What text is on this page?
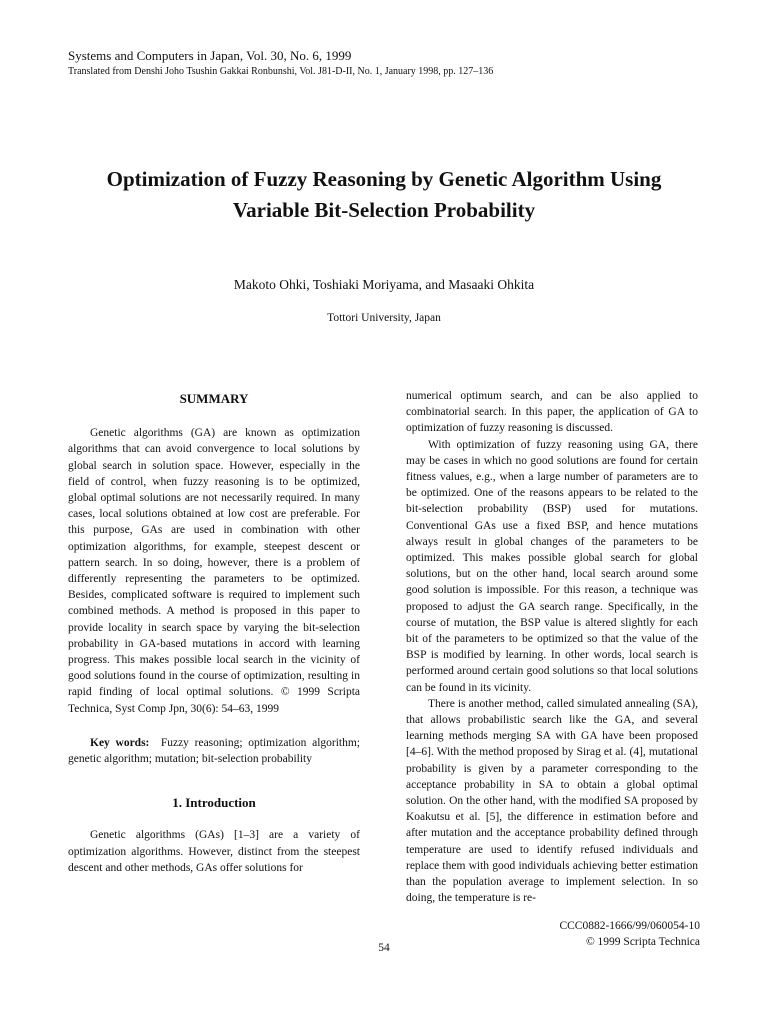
Systems and Computers in Japan, Vol. 30, No. 6, 1999
Translated from Denshi Joho Tsushin Gakkai Ronbunshi, Vol. J81-D-II, No. 1, January 1998, pp. 127–136
Optimization of Fuzzy Reasoning by Genetic Algorithm Using
Variable Bit-Selection Probability
Makoto Ohki, Toshiaki Moriyama, and Masaaki Ohkita
Tottori University, Japan
SUMMARY

Genetic algorithms (GA) are known as optimization algorithms that can avoid convergence to local solutions by global search in solution space. However, especially in the field of control, when fuzzy reasoning is to be optimized, global optimal solutions are not necessarily required. In many cases, local solutions obtained at low cost are preferable. For this purpose, GAs are used in combination with other optimization algorithms, for example, steepest descent or pattern search. In so doing, however, there is a problem of differently representing the parameters to be optimized. Besides, complicated software is required to implement such combined methods. A method is proposed in this paper to provide locality in search space by varying the bit-selection probability in GA-based mutations in accord with learning progress. This makes possible local search in the vicinity of good solutions found in the course of optimization, resulting in rapid finding of local optimal solutions. © 1999 Scripta Technica, Syst Comp Jpn, 30(6): 54–63, 1999

Key words: Fuzzy reasoning; optimization algorithm; genetic algorithm; mutation; bit-selection probability

1. Introduction

Genetic algorithms (GAs) [1–3] are a variety of optimization algorithms. However, distinct from the steepest descent and other methods, GAs offer solutions for

numerical optimum search, and can be also applied to combinatorial search. In this paper, the application of GA to optimization of fuzzy reasoning is discussed.

With optimization of fuzzy reasoning using GA, there may be cases in which no good solutions are found for certain fitness values, e.g., when a large number of parameters are to be optimized. One of the reasons appears to be related to the bit-selection probability (BSP) used for mutations. Conventional GAs use a fixed BSP, and hence mutations always result in global changes of the parameters to be optimized. This makes possible global search for global solutions, but on the other hand, local search around some good solution is impossible. For this reason, a technique was proposed to adjust the GA search range. Specifically, in the course of mutation, the BSP value is altered slightly for each bit of the parameters to be optimized so that the value of the BSP is modified by learning. In other words, local search is performed around certain good solutions so that local solutions can be found in its vicinity.

There is another method, called simulated annealing (SA), that allows probabilistic search like the GA, and several learning methods merging SA with GA have been proposed [4–6]. With the method proposed by Sirag et al. (4], mutational probability is given by a parameter corresponding to the acceptance probability in SA to obtain a global optimal solution. On the other hand, with the modified SA proposed by Koakutsu et al. [5], the difference in estimation before and after mutation and the acceptance probability defined through temperature are used to identify refused individuals and replace them with good individuals achieving better estimation than the population average to implement selection. In so doing, the temperature is re-

CCC0882-1666/99/060054-10
© 1999 Scripta Technica
54
